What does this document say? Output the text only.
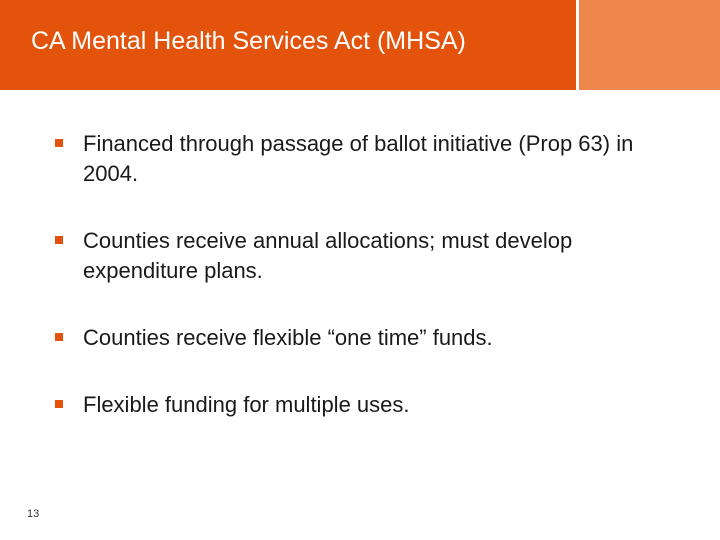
CA Mental Health Services Act (MHSA)
Financed through passage of ballot initiative (Prop 63) in 2004.
Counties receive annual allocations; must develop expenditure plans.
Counties receive flexible “one time” funds.
Flexible funding for multiple uses.
13
